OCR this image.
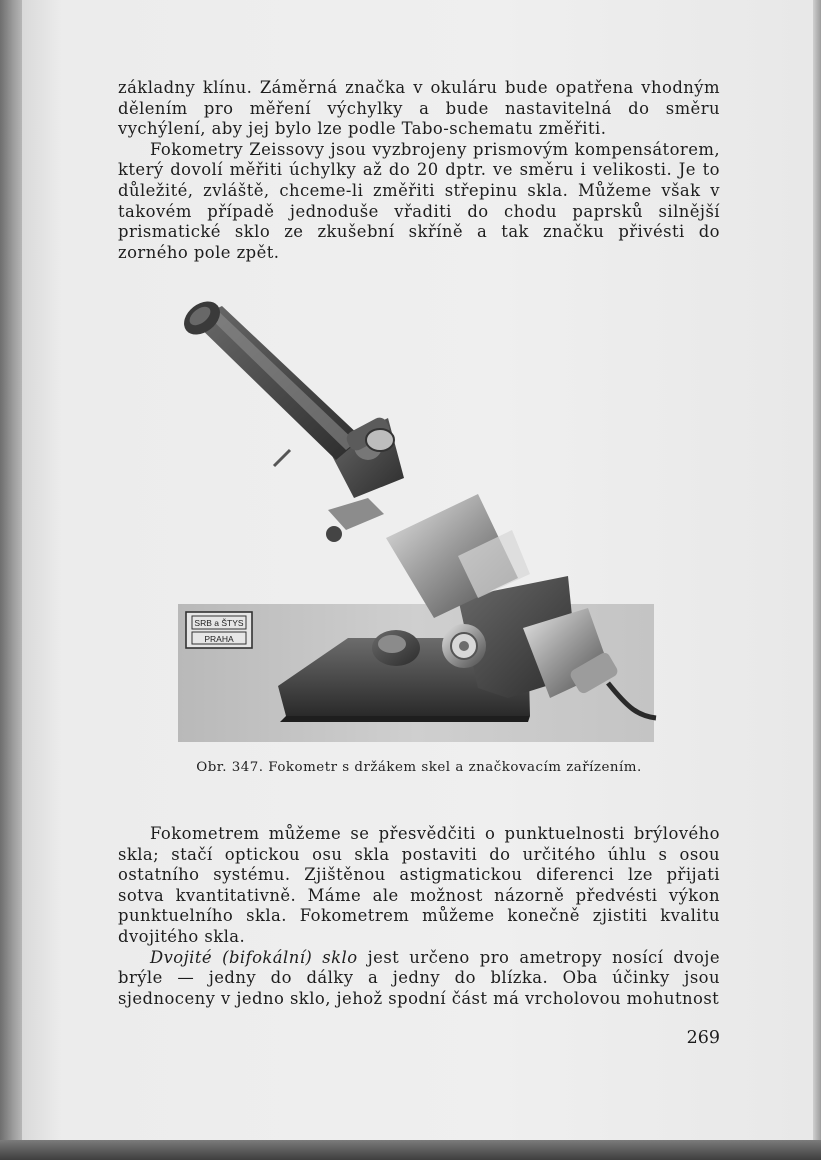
základny klínu. Záměrná značka v okuláru bude opatřena vhodným dělením pro měření výchylky a bude nastavitelná do směru vychýlení, aby jej bylo lze podle Tabo-schematu změřiti.

Fokometry Zeissovy jsou vyzbrojeny prismovým kompensátorem, který dovolí měřiti úchylky až do 20 dptr. ve směru i velikosti. Je to důležité, zvláště, chceme-li změřiti střepinu skla. Můžeme však v takovém případě jednoduše vřaditi do chodu paprsků silnější prismatické sklo ze zkušební skříně a tak značku přivésti do zorného pole zpět.

SRB a ŠTYS
PRAHA
Obr. 347. Fokometr s držákem skel a značkovacím zařízením.

Fokometrem můžeme se přesvědčiti o punktuelnosti brýlového skla; stačí optickou osu skla postaviti do určitého úhlu s osou ostatního systému. Zjištěnou astigmatickou diferenci lze přijati sotva kvantitativně. Máme ale možnost názorně předvésti výkon punktuelního skla. Fokometrem můžeme konečně zjistiti kvalitu dvojitého skla.

Dvojité (bifokální) sklo jest určeno pro ametropy nosící dvoje brýle — jedny do dálky a jedny do blízka. Oba účinky jsou sjednoceny v jedno sklo, jehož spodní část má vrcholovou mohutnost

269
